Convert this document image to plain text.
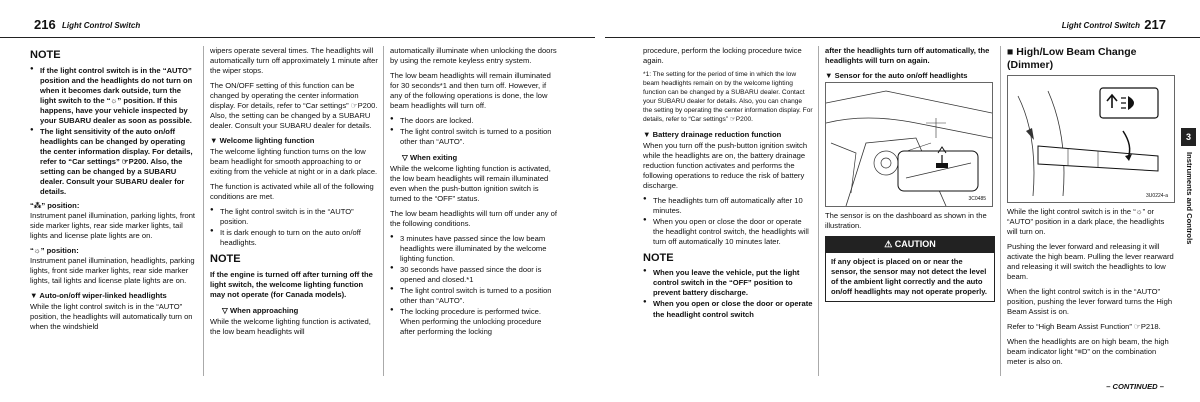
216 Light Control Switch
NOTE
● If the light control switch is in the “AUTO” position and the headlights do not turn on when it becomes dark outside, turn the light switch to the “☼” position. If this happens, have your vehicle inspected by your SUBARU dealer as soon as possible.
● The light sensitivity of the auto on/off headlights can be changed by operating the center information display. For details, refer to “Car settings” ☞P200. Also, the setting can be changed by a SUBARU dealer. Consult your SUBARU dealer for details.
“⁂” position:

Instrument panel illumination, parking lights, front side marker lights, rear side marker lights, tail lights and license plate lights are on.

“☼” position:

Instrument panel illumination, headlights, parking lights, front side marker lights, rear side marker lights, tail lights and license plate lights are on.

▼ Auto-on/off wiper-linked headlights

While the light control switch is in the “AUTO” position, the headlights will automatically turn on when the windshield

wipers operate several times. The headlights will automatically turn off approximately 1 minute after the wiper stops.

The ON/OFF setting of this function can be changed by operating the center information display. For details, refer to “Car settings” ☞P200. Also, the setting can be changed by a SUBARU dealer. Consult your SUBARU dealer for details.

▼ Welcome lighting function

The welcome lighting function turns on the low beam headlight for smooth approaching to or exiting from the vehicle at night or in a dark place.

The function is activated while all of the following conditions are met.

● The light control switch is in the “AUTO” position.
● It is dark enough to turn on the auto on/off headlights.
NOTE

If the engine is turned off after turning off the light switch, the welcome lighting function may not operate (for Canada models).

▽ When approaching

While the welcome lighting function is activated, the low beam headlights will

automatically illuminate when unlocking the doors by using the remote keyless entry system.

The low beam headlights will remain illuminated for 30 seconds*1 and then turn off. However, if any of the following operations is done, the low beam headlights will turn off.

● The doors are locked.
● The light control switch is turned to a position other than “AUTO”.
▽ When exiting

While the welcome lighting function is activated, the low beam headlights will remain illuminated even when the push-button ignition switch is turned to the “OFF” status.

The low beam headlights will turn off under any of the following conditions.

● 3 minutes have passed since the low beam headlights were illuminated by the welcome lighting function.
● 30 seconds have passed since the door is opened and closed.*1
● The light control switch is turned to a position other than “AUTO”.
● The locking procedure is performed twice. When performing the unlocking procedure after performing the locking
Light Control Switch 217

procedure, perform the locking procedure twice again.

*1: The setting for the period of time in which the low beam headlights remain on by the welcome lighting function can be changed by a SUBARU dealer. Contact your SUBARU dealer for details. Also, you can change the setting by operating the center information display. For details, refer to “Car settings” ☞P200.

▼ Battery drainage reduction function

When you turn off the push-button ignition switch while the headlights are on, the battery drainage reduction function activates and performs the following operations to reduce the risk of battery discharge.

● The headlights turn off automatically after 10 minutes.
● When you open or close the door or operate the headlight control switch, the headlights will turn off automatically 10 minutes later.
NOTE
● When you leave the vehicle, put the light control switch in the “OFF” position to prevent battery discharge.
● When you open or close the door or operate the headlight control switch

after the headlights turn off automatically, the headlights will turn on again.

▼ Sensor for the auto on/off headlights
3C0485

The sensor is on the dashboard as shown in the illustration.

⚠ CAUTION
If any object is placed on or near the sensor, the sensor may not detect the level of the ambient light correctly and the auto on/off headlights may not operate properly.
■ High/Low Beam Change (Dimmer)
3U0224-a

While the light control switch is in the “☼” or “AUTO” position in a dark place, the headlights will turn on.

Pushing the lever forward and releasing it will activate the high beam. Pulling the lever rearward and releasing it will switch the headlights to low beam.

When the light control switch is in the “AUTO” position, pushing the lever forward turns the High Beam Assist is on.

Refer to “High Beam Assist Function” ☞P218.

When the headlights are on high beam, the high beam indicator light “≡D” on the combination meter is also on.

3
Instruments and Controls
– CONTINUED –
